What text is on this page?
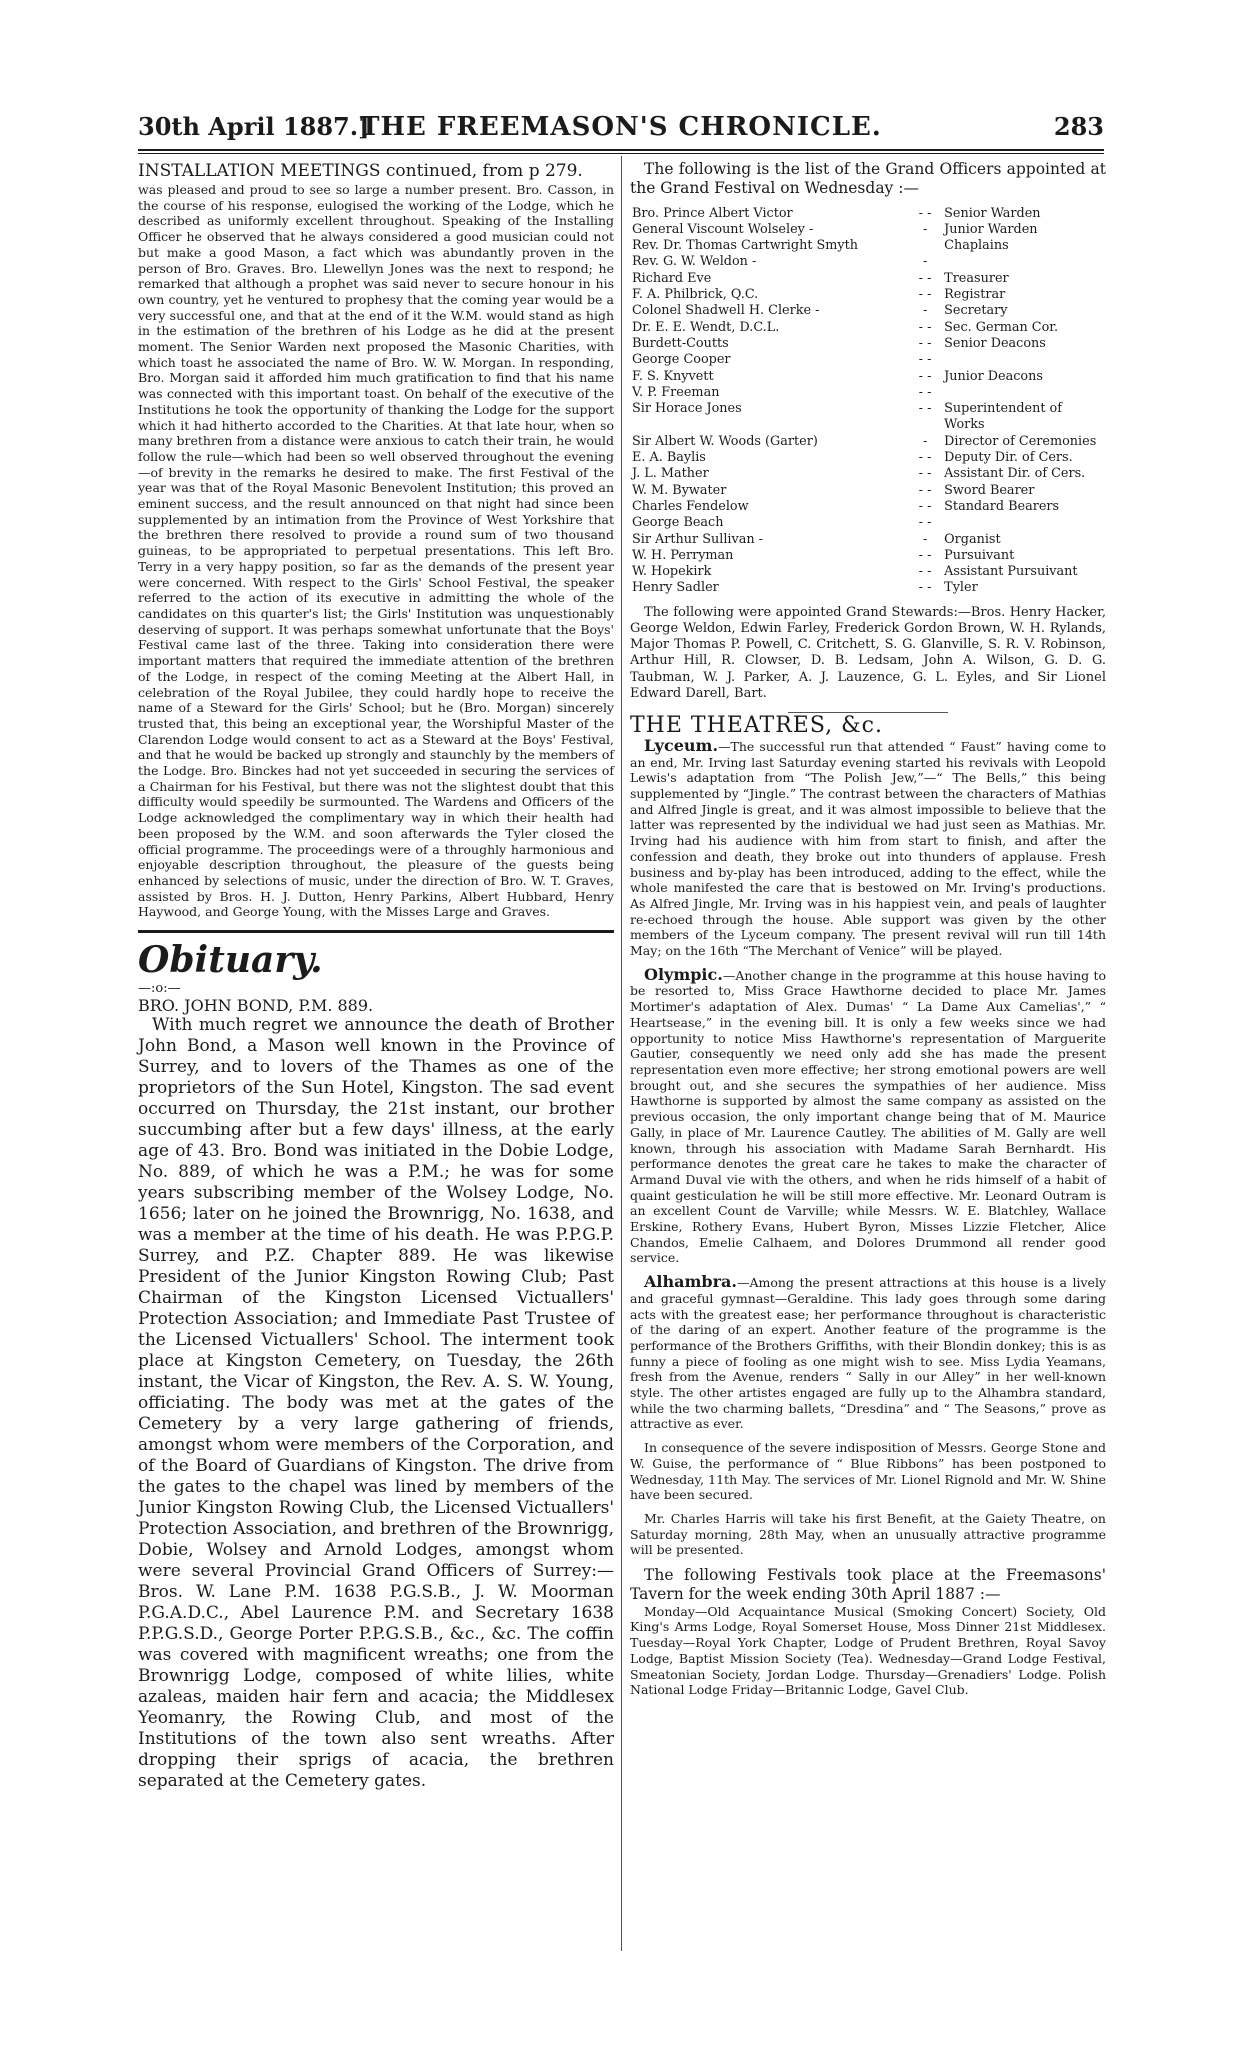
30th April 1887.]
THE FREEMASON'S CHRONICLE.	283

INSTALLATION MEETINGS continued, from p 279.

was pleased and proud to see so large a number present. Bro. Casson, in the course of his response, eulogised the working of the Lodge, which he described as uniformly excellent throughout. Speaking of the Installing Officer he observed that he always considered a good musician could not but make a good Mason, a fact which was abundantly proven in the person of Bro. Graves. Bro. Llewellyn Jones was the next to respond; he remarked that although a prophet was said never to secure honour in his own country, yet he ventured to prophesy that the coming year would be a very successful one, and that at the end of it the W.M. would stand as high in the estimation of the brethren of his Lodge as he did at the present moment. The Senior Warden next proposed the Masonic Charities, with which toast he associated the name of Bro. W. W. Morgan. In responding, Bro. Morgan said it afforded him much gratification to find that his name was connected with this important toast. On behalf of the executive of the Institutions he took the opportunity of thanking the Lodge for the support which it had hitherto accorded to the Charities. At that late hour, when so many brethren from a distance were anxious to catch their train, he would follow the rule—which had been so well observed throughout the evening—of brevity in the remarks he desired to make. The first Festival of the year was that of the Royal Masonic Benevolent Institution; this proved an eminent success, and the result announced on that night had since been supplemented by an intimation from the Province of West Yorkshire that the brethren there resolved to provide a round sum of two thousand guineas, to be appropriated to perpetual presentations. This left Bro. Terry in a very happy position, so far as the demands of the present year were concerned. With respect to the Girls' School Festival, the speaker referred to the action of its executive in admitting the whole of the candidates on this quarter's list; the Girls' Institution was unquestionably deserving of support. It was perhaps somewhat unfortunate that the Boys' Festival came last of the three. Taking into consideration there were important matters that required the immediate attention of the brethren of the Lodge, in respect of the coming Meeting at the Albert Hall, in celebration of the Royal Jubilee, they could hardly hope to receive the name of a Steward for the Girls' School; but he (Bro. Morgan) sincerely trusted that, this being an exceptional year, the Worshipful Master of the Clarendon Lodge would consent to act as a Steward at the Boys' Festival, and that he would be backed up strongly and staunchly by the members of the Lodge. Bro. Binckes had not yet succeeded in securing the services of a Chairman for his Festival, but there was not the slightest doubt that this difficulty would speedily be surmounted. The Wardens and Officers of the Lodge acknowledged the complimentary way in which their health had been proposed by the W.M. and soon afterwards the Tyler closed the official programme. The proceedings were of a throughly harmonious and enjoyable description throughout, the pleasure of the guests being enhanced by selections of music, under the direction of Bro. W. T. Graves, assisted by Bros. H. J. Dutton, Henry Parkins, Albert Hubbard, Henry Haywood, and George Young, with the Misses Large and Graves.

Obituary.

—:o:—

BRO. JOHN BOND, P.M. 889.

With much regret we announce the death of Brother John Bond, a Mason well known in the Province of Surrey, and to lovers of the Thames as one of the proprietors of the Sun Hotel, Kingston. The sad event occurred on Thursday, the 21st instant, our brother succumbing after but a few days' illness, at the early age of 43. Bro. Bond was initiated in the Dobie Lodge, No. 889, of which he was a P.M.; he was for some years subscribing member of the Wolsey Lodge, No. 1656; later on he joined the Brownrigg, No. 1638, and was a member at the time of his death. He was P.P.G.P. Surrey, and P.Z. Chapter 889. He was likewise President of the Junior Kingston Rowing Club; Past Chairman of the Kingston Licensed Victuallers' Protection Association; and Immediate Past Trustee of the Licensed Victuallers' School. The interment took place at Kingston Cemetery, on Tuesday, the 26th instant, the Vicar of Kingston, the Rev. A. S. W. Young, officiating. The body was met at the gates of the Cemetery by a very large gathering of friends, amongst whom were members of the Corporation, and of the Board of Guardians of Kingston. The drive from the gates to the chapel was lined by members of the Junior Kingston Rowing Club, the Licensed Victuallers' Protection Association, and brethren of the Brownrigg, Dobie, Wolsey and Arnold Lodges, amongst whom were several Provincial Grand Officers of Surrey:—Bros. W. Lane P.M. 1638 P.G.S.B., J. W. Moorman P.G.A.D.C., Abel Laurence P.M. and Secretary 1638 P.P.G.S.D., George Porter P.P.G.S.B., &c., &c. The coffin was covered with magnificent wreaths; one from the Brownrigg Lodge, composed of white lilies, white azaleas, maiden hair fern and acacia; the Middlesex Yeomanry, the Rowing Club, and most of the Institutions of the town also sent wreaths. After dropping their sprigs of acacia, the brethren separated at the Cemetery gates.

The following is the list of the Grand Officers appointed at the Grand Festival on Wednesday :—

Bro. Prince Albert Victor	- -	Senior Warden
General Viscount Wolseley -	-	Junior Warden
Rev. Dr. Thomas Cartwright Smyth		Chaplains
Rev. G. W. Weldon -	-	
Richard Eve	- -	Treasurer
F. A. Philbrick, Q.C.	- -	Registrar
Colonel Shadwell H. Clerke -	-	Secretary
Dr. E. E. Wendt, D.C.L.	- -	Sec. German Cor.
Burdett-Coutts	- -	Senior Deacons
George Cooper	- -	
F. S. Knyvett	- -	Junior Deacons
V. P. Freeman	- -	
Sir Horace Jones	- -	Superintendent of Works
Sir Albert W. Woods (Garter)	-	Director of Ceremonies
E. A. Baylis	- -	Deputy Dir. of Cers.
J. L. Mather	- -	Assistant Dir. of Cers.
W. M. Bywater	- -	Sword Bearer
Charles Fendelow	- -	Standard Bearers
George Beach	- -	
Sir Arthur Sullivan -	-	Organist
W. H. Perryman	- -	Pursuivant
W. Hopekirk	- -	Assistant Pursuivant
Henry Sadler	- -	Tyler

The following were appointed Grand Stewards:—Bros. Henry Hacker, George Weldon, Edwin Farley, Frederick Gordon Brown, W. H. Rylands, Major Thomas P. Powell, C. Critchett, S. G. Glanville, S. R. V. Robinson, Arthur Hill, R. Clowser, D. B. Ledsam, John A. Wilson, G. D. G. Taubman, W. J. Parker, A. J. Lauzence, G. L. Eyles, and Sir Lionel Edward Darell, Bart.

THE THEATRES, &c.

Lyceum.—The successful run that attended “ Faust” having come to an end, Mr. Irving last Saturday evening started his revivals with Leopold Lewis's adaptation from “The Polish Jew,”—“ The Bells,” this being supplemented by “Jingle.” The contrast between the characters of Mathias and Alfred Jingle is great, and it was almost impossible to believe that the latter was represented by the individual we had just seen as Mathias. Mr. Irving had his audience with him from start to finish, and after the confession and death, they broke out into thunders of applause. Fresh business and by-play has been introduced, adding to the effect, while the whole manifested the care that is bestowed on Mr. Irving's productions. As Alfred Jingle, Mr. Irving was in his happiest vein, and peals of laughter re-echoed through the house. Able support was given by the other members of the Lyceum company. The present revival will run till 14th May; on the 16th “The Merchant of Venice” will be played.

Olympic.—Another change in the programme at this house having to be resorted to, Miss Grace Hawthorne decided to place Mr. James Mortimer's adaptation of Alex. Dumas' “ La Dame Aux Camelias',” “ Heartsease,” in the evening bill. It is only a few weeks since we had opportunity to notice Miss Hawthorne's representation of Marguerite Gautier, consequently we need only add she has made the present representation even more effective; her strong emotional powers are well brought out, and she secures the sympathies of her audience. Miss Hawthorne is supported by almost the same company as assisted on the previous occasion, the only important change being that of M. Maurice Gally, in place of Mr. Laurence Cautley. The abilities of M. Gally are well known, through his association with Madame Sarah Bernhardt. His performance denotes the great care he takes to make the character of Armand Duval vie with the others, and when he rids himself of a habit of quaint gesticulation he will be still more effective. Mr. Leonard Outram is an excellent Count de Varville; while Messrs. W. E. Blatchley, Wallace Erskine, Rothery Evans, Hubert Byron, Misses Lizzie Fletcher, Alice Chandos, Emelie Calhaem, and Dolores Drummond all render good service.

Alhambra.—Among the present attractions at this house is a lively and graceful gymnast—Geraldine. This lady goes through some daring acts with the greatest ease; her performance throughout is characteristic of the daring of an expert. Another feature of the programme is the performance of the Brothers Griffiths, with their Blondin donkey; this is as funny a piece of fooling as one might wish to see. Miss Lydia Yeamans, fresh from the Avenue, renders “ Sally in our Alley” in her well-known style. The other artistes engaged are fully up to the Alhambra standard, while the two charming ballets, “Dresdina” and “ The Seasons,” prove as attractive as ever.

In consequence of the severe indisposition of Messrs. George Stone and W. Guise, the performance of “ Blue Ribbons” has been postponed to Wednesday, 11th May. The services of Mr. Lionel Rignold and Mr. W. Shine have been secured.

Mr. Charles Harris will take his first Benefit, at the Gaiety Theatre, on Saturday morning, 28th May, when an unusually attractive programme will be presented.

The following Festivals took place at the Freemasons' Tavern for the week ending 30th April 1887 :—

Monday—Old Acquaintance Musical (Smoking Concert) Society, Old King's Arms Lodge, Royal Somerset House, Moss Dinner 21st Middlesex. Tuesday—Royal York Chapter, Lodge of Prudent Brethren, Royal Savoy Lodge, Baptist Mission Society (Tea). Wednesday—Grand Lodge Festival, Smeatonian Society, Jordan Lodge. Thursday—Grenadiers' Lodge. Polish National Lodge Friday—Britannic Lodge, Gavel Club.
